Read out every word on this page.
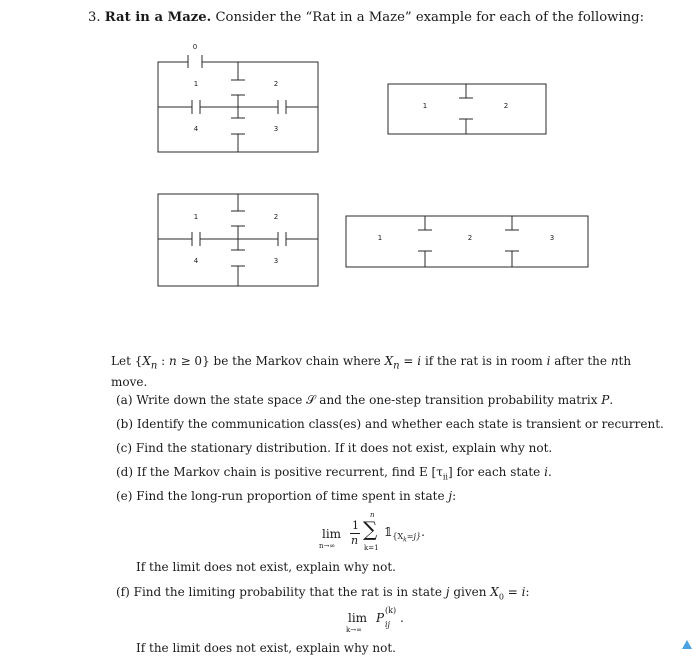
3. Rat in a Maze. Consider the “Rat in a Maze” example for each of the following:
0
1	2
3
4
1	2
1	2
3
4
1	2	3
Let {$X_n$ : n ≥ 0} be the Markov chain where $X_n = i$ if the rat is in room i after the nth
move.
(a) Write down the state space 𝒮 and the one-step transition probability matrix P.
(b) Identify the communication class(es) and whether each state is transient or recurrent.
(c) Find the stationary distribution. If it does not exist, explain why not.
(d) If the Markov chain is positive recurrent, find E $[\tau_{ii}]$ for each state i.
(e) Find the long-run proportion of time spent in state j:
lim
n→∞
1
n
n
∑
k=1
$𝟙_{\{X_k=j\}}$.
If the limit does not exist, explain why not.
(f) Find the limiting probability that the rat is in state j given $X_0 = i$:
lim
k→∞
P
(k)
ij .
If the limit does not exist, explain why not.
